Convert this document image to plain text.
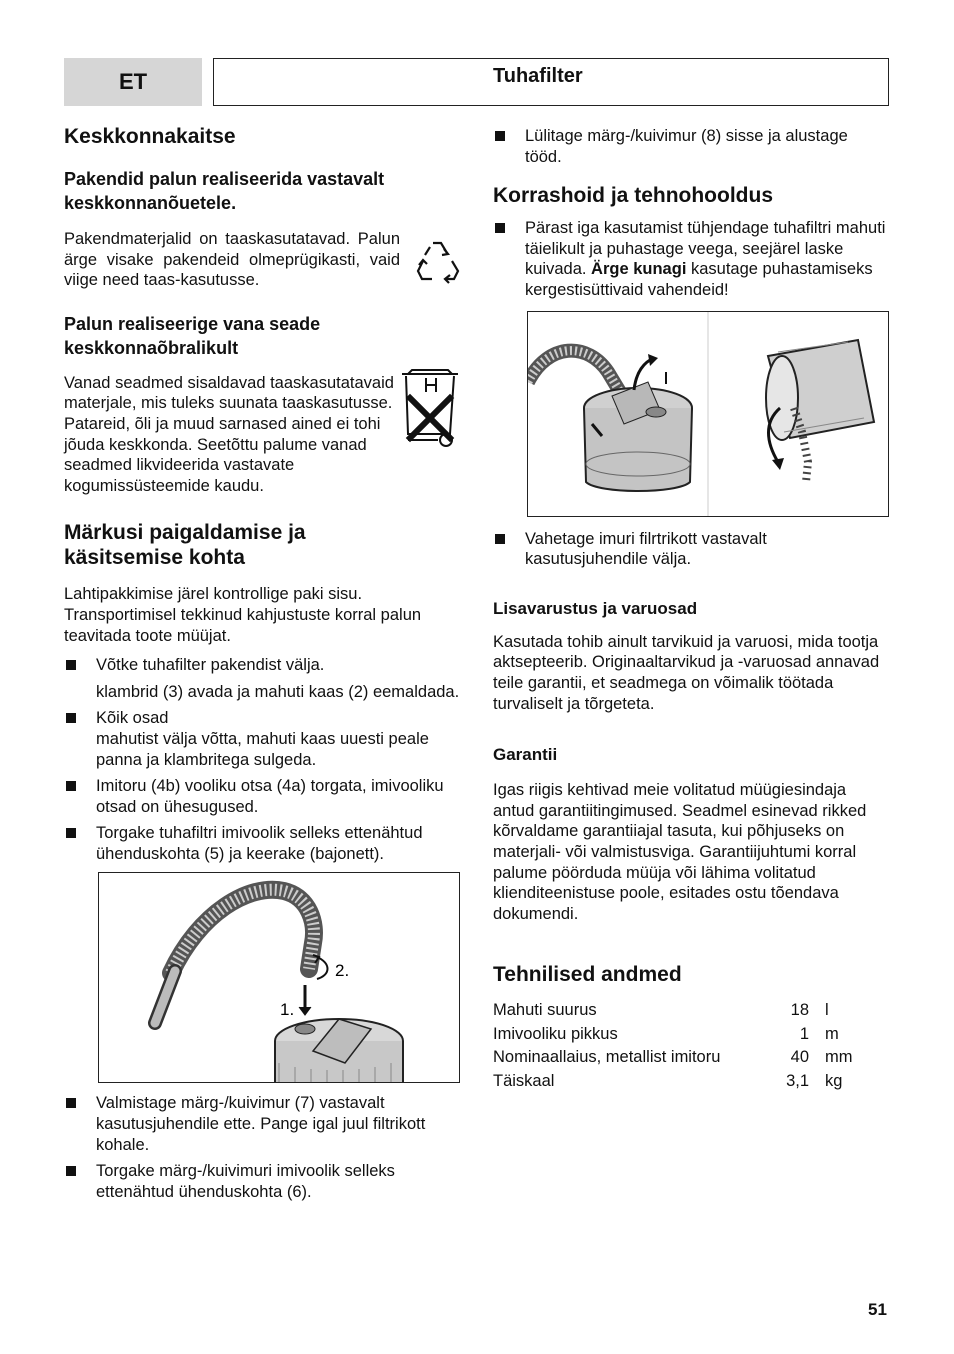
ET	Tuhafilter
Keskkonnakaitse
Pakendid palun realiseerida vastavalt keskkonnanõuetele.

Pakendmaterjalid on taaskasutatavad. Palun ärge visake pakendeid olmeprügikasti, vaid viige need taas-kasutusse.

Palun realiseerige vana seade keskkonnaõbralikult

Vanad seadmed sisaldavad taaskasutatavaid materjale, mis tuleks suunata taaskasutusse. Patareid, õli ja muud sarnased ained ei tohi jõuda keskkonda. Seetõttu palume vanad seadmed likvideerida vastavate kogumissüsteemide kaudu.

Märkusi paigaldamise ja käsitsemise kohta

Lahtipakkimise järel kontrollige paki sisu. Transportimisel tekkinud kahjustuste korral palun teavitada toote müüjat.

Võtke tuhafilter pakendist välja.

klambrid (3) avada ja mahuti kaas (2) eemaldada.

Kõik osad

mahutist välja võtta, mahuti kaas uuesti peale panna ja klambritega sulgeda.

Imitoru (4b) vooliku otsa (4a) torgata, imivooliku otsad on ühesugused.

Torgake tuhafiltri imivoolik selleks ettenähtud ühenduskohta (5) ja keerake (bajonett).

1.
2.

Valmistage märg-/kuivimur (7) vastavalt kasutusjuhendile ette. Pange igal juul filtrikott kohale.

Torgake märg-/kuivimuri imivoolik selleks ettenähtud ühenduskohta (6).

Lülitage märg-/kuivimur (8) sisse ja alustage tööd.

Korrashoid ja tehnohooldus

Pärast iga kasutamist tühjendage tuhafiltri mahuti täielikult ja puhastage veega, seejärel laske kuivada. Ärge kunagi kasutage puhastamiseks kergestisüttivaid vahendeid!

Vahetage imuri filrtrikott vastavalt kasutusjuhendile välja.

Lisavarustus ja varuosad

Kasutada tohib ainult tarvikuid ja varuosi, mida tootja aktsepteerib. Originaaltarvikud ja -varuosad annavad teile garantii, et seadmega on võimalik töötada turvaliselt ja tõrgeteta.

Garantii

Igas riigis kehtivad meie volitatud müügiesindaja antud garantiitingimused. Seadmel esinevad rikked kõrvaldame garantiiajal tasuta, kui põhjuseks on materjali- või valmistusviga. Garantiijuhtumi korral palume pöörduda müüja või lähima volitatud klienditeenistuse poole, esitades ostu tõendava dokumendi.

Tehnilised andmed
Mahuti suurus	18 l
Imivooliku pikkus	1 m
Nominaallaius, metallist imitoru	40 mm
Täiskaal	3,1 kg
51
